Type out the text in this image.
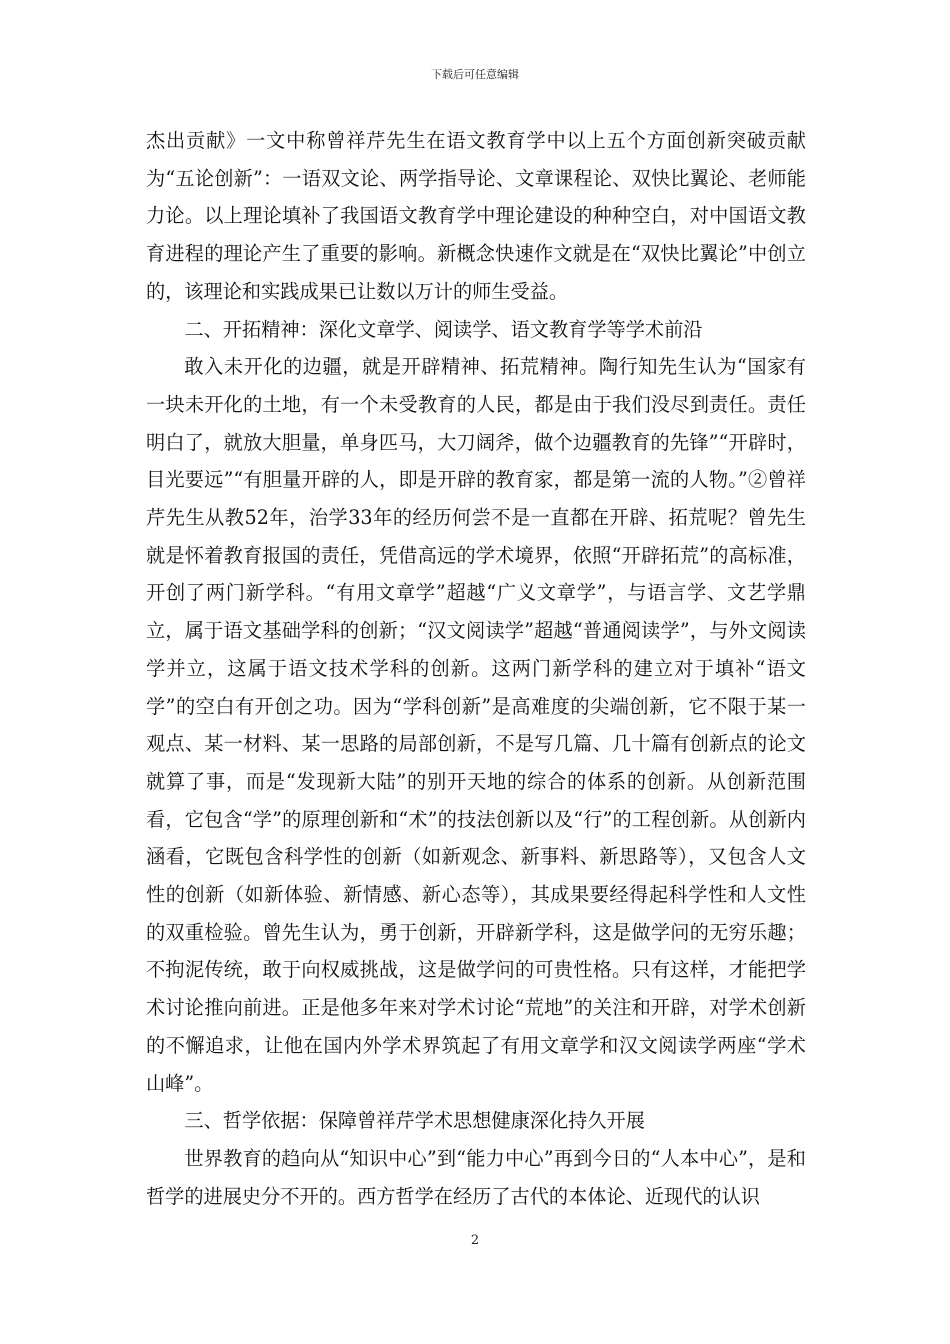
下载后可任意编辑

杰出贡献》一文中称曾祥芹先生在语文教育学中以上五个方面创新突破贡献为“五论创新”：一语双文论、两学指导论、文章课程论、双快比翼论、老师能力论。以上理论填补了我国语文教育学中理论建设的种种空白，对中国语文教育进程的理论产生了重要的影响。新概念快速作文就是在“双快比翼论”中创立的，该理论和实践成果已让数以万计的师生受益。

二、开拓精神：深化文章学、阅读学、语文教育学等学术前沿

敢入未开化的边疆，就是开辟精神、拓荒精神。陶行知先生认为“国家有一块未开化的土地，有一个未受教育的人民，都是由于我们没尽到责任。责任明白了，就放大胆量，单身匹马，大刀阔斧，做个边疆教育的先锋”“开辟时，目光要远”“有胆量开辟的人，即是开辟的教育家，都是第一流的人物。”②曾祥芹先生从教52年，治学33年的经历何尝不是一直都在开辟、拓荒呢？曾先生就是怀着教育报国的责任，凭借高远的学术境界，依照“开辟拓荒”的高标准，开创了两门新学科。“有用文章学”超越“广义文章学”，与语言学、文艺学鼎立，属于语文基础学科的创新；“汉文阅读学”超越“普通阅读学”，与外文阅读学并立，这属于语文技术学科的创新。这两门新学科的建立对于填补“语文学”的空白有开创之功。因为“学科创新”是高难度的尖端创新，它不限于某一观点、某一材料、某一思路的局部创新，不是写几篇、几十篇有创新点的论文就算了事，而是“发现新大陆”的别开天地的综合的体系的创新。从创新范围看，它包含“学”的原理创新和“术”的技法创新以及“行”的工程创新。从创新内涵看，它既包含科学性的创新（如新观念、新事料、新思路等），又包含人文性的创新（如新体验、新情感、新心态等），其成果要经得起科学性和人文性的双重检验。曾先生认为，勇于创新，开辟新学科，这是做学问的无穷乐趣；不拘泥传统，敢于向权威挑战，这是做学问的可贵性格。只有这样，才能把学术讨论推向前进。正是他多年来对学术讨论“荒地”的关注和开辟，对学术创新的不懈追求，让他在国内外学术界筑起了有用文章学和汉文阅读学两座“学术山峰”。

三、哲学依据：保障曾祥芹学术思想健康深化持久开展

世界教育的趋向从“知识中心”到“能力中心”再到今日的“人本中心”，是和哲学的进展史分不开的。西方哲学在经历了古代的本体论、近现代的认识

2
